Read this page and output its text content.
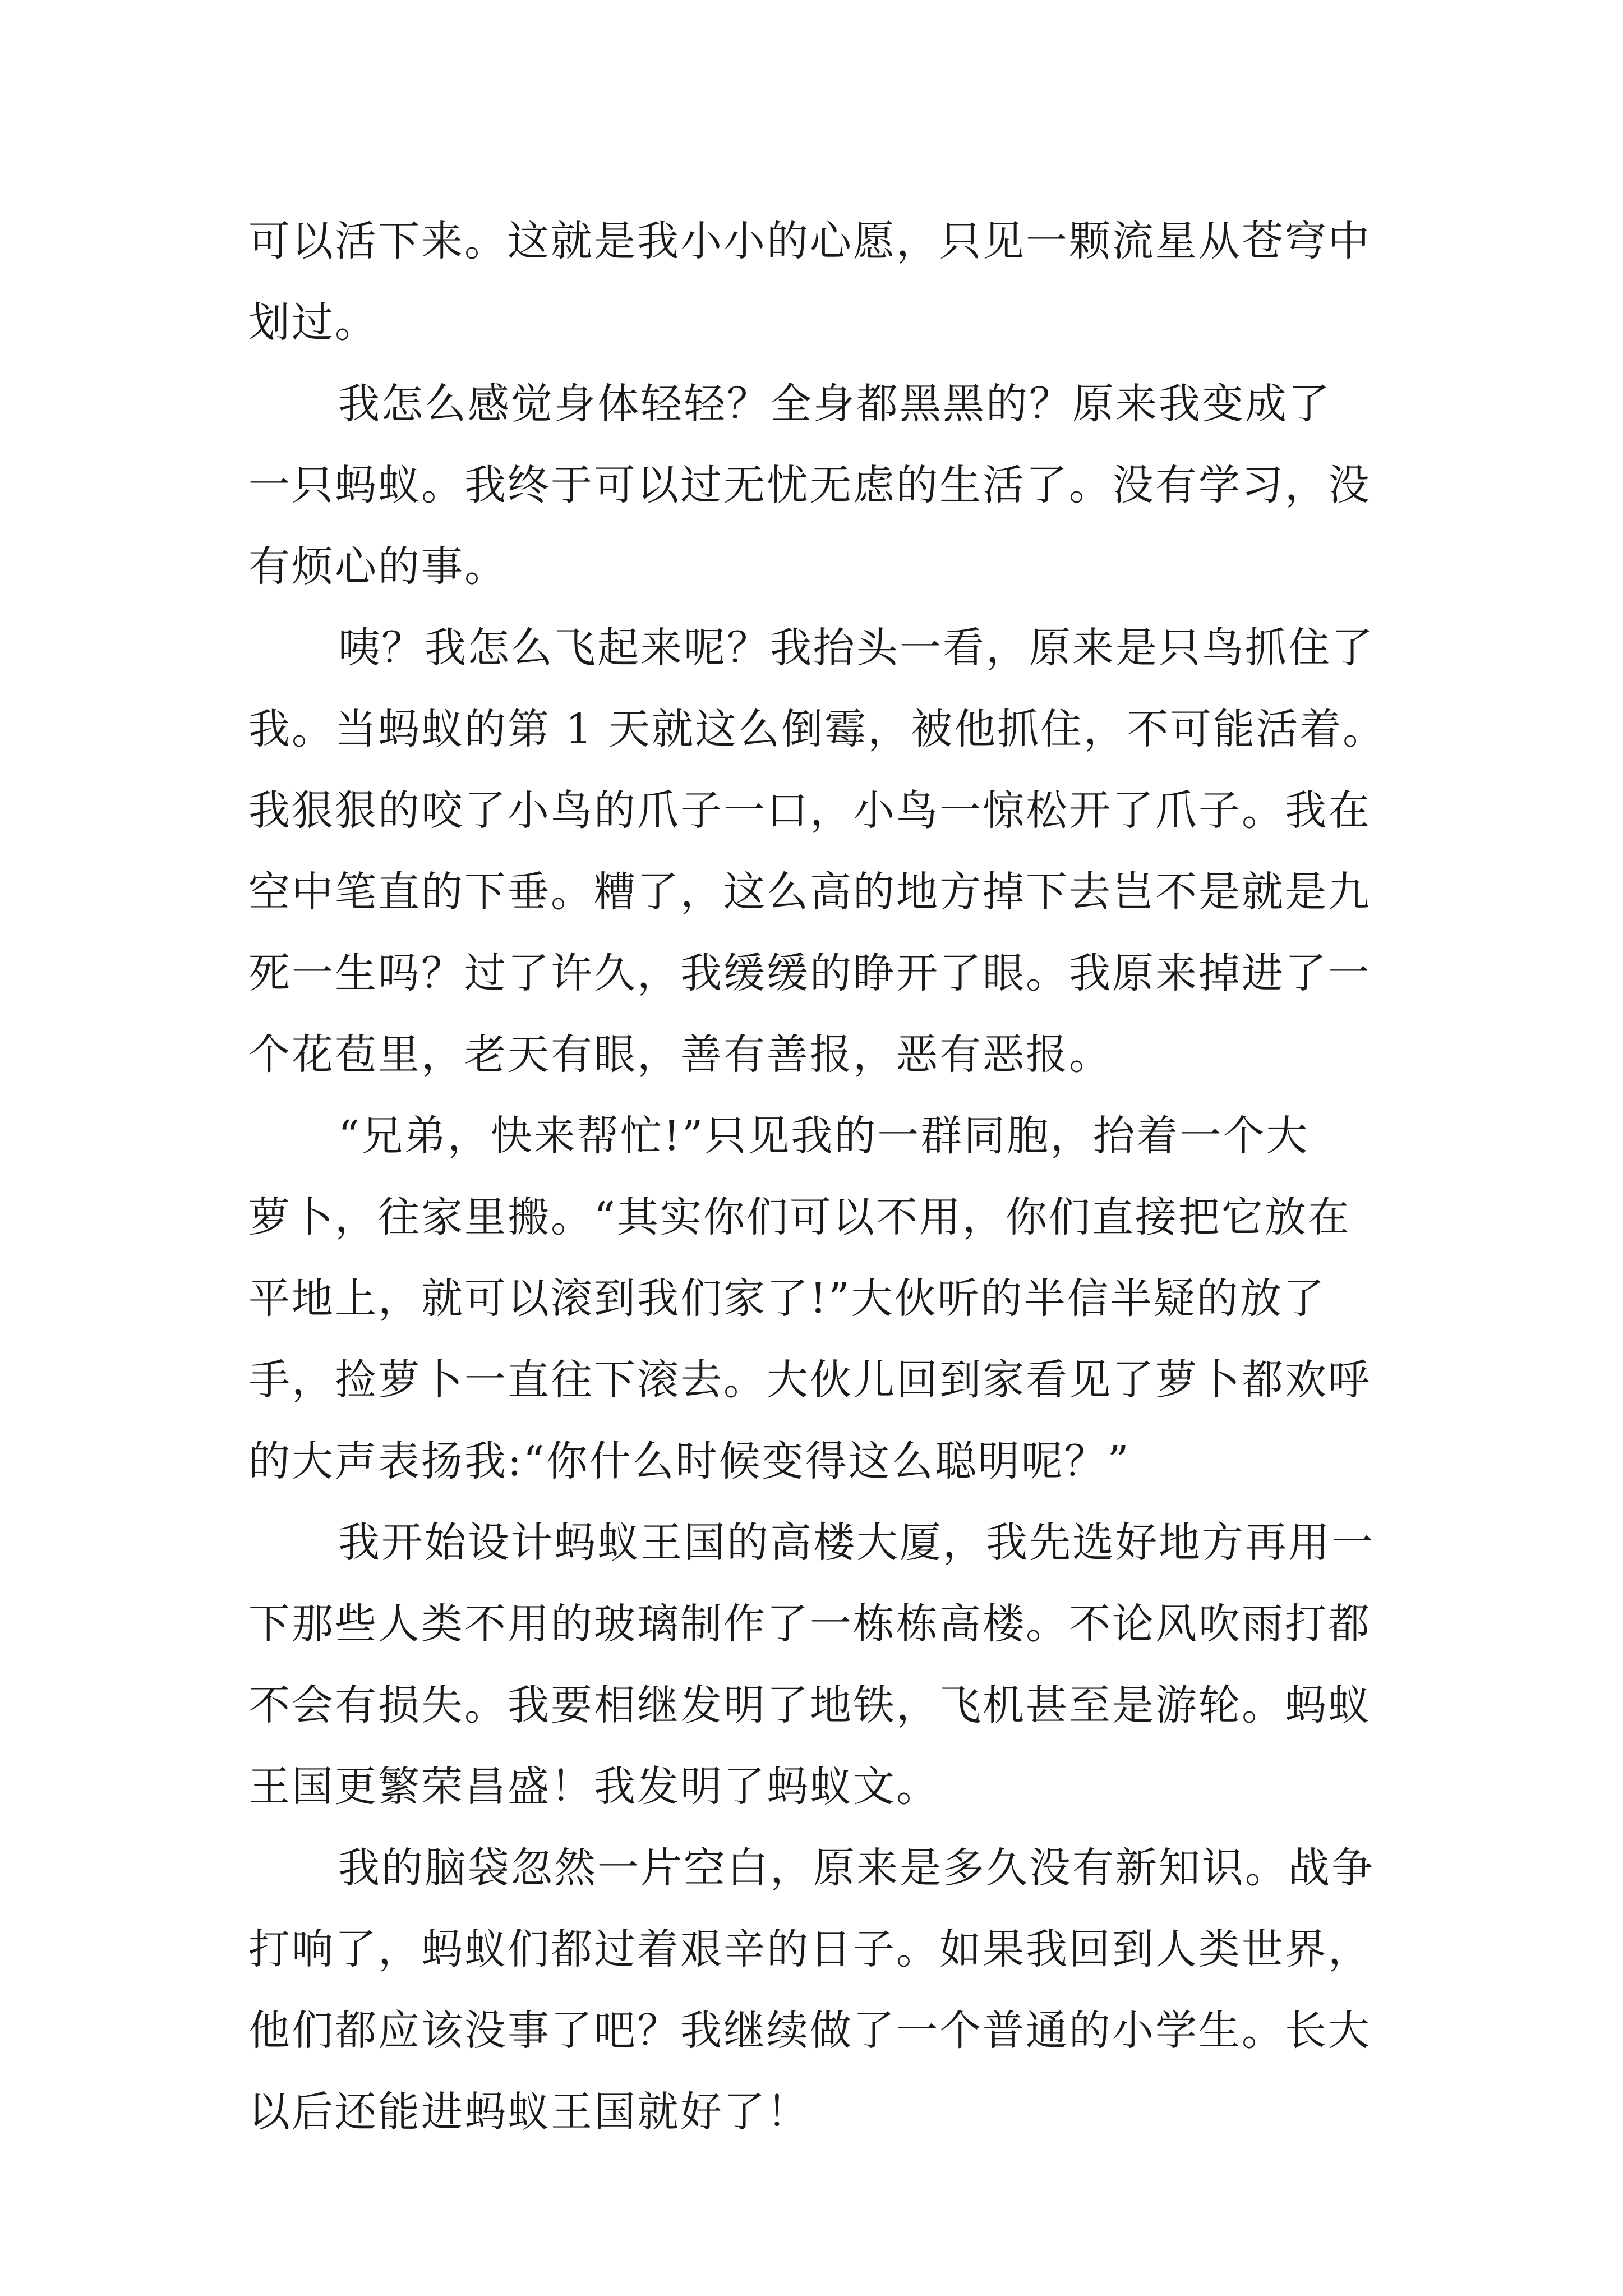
可以活下来。这就是我小小的心愿，只见一颗流星从苍穹中
划过。
我怎么感觉身体轻轻？全身都黑黑的？原来我变成了
一只蚂蚁。我终于可以过无忧无虑的生活了。没有学习，没
有烦心的事。
咦？我怎么飞起来呢？我抬头一看，原来是只鸟抓住了
我。当蚂蚁的第 1 天就这么倒霉，被他抓住，不可能活着。
我狠狠的咬了小鸟的爪子一口，小鸟一惊松开了爪子。我在
空中笔直的下垂。糟了，这么高的地方掉下去岂不是就是九
死一生吗？过了许久，我缓缓的睁开了眼。我原来掉进了一
个花苞里，老天有眼，善有善报，恶有恶报。
“兄弟，快来帮忙!”只见我的一群同胞，抬着一个大
萝卜，往家里搬。“其实你们可以不用，你们直接把它放在
平地上，就可以滚到我们家了!”大伙听的半信半疑的放了
手，捡萝卜一直往下滚去。大伙儿回到家看见了萝卜都欢呼
的大声表扬我:“你什么时候变得这么聪明呢？”
我开始设计蚂蚁王国的高楼大厦，我先选好地方再用一
下那些人类不用的玻璃制作了一栋栋高楼。不论风吹雨打都
不会有损失。我要相继发明了地铁，飞机甚至是游轮。蚂蚁
王国更繁荣昌盛！我发明了蚂蚁文。
我的脑袋忽然一片空白，原来是多久没有新知识。战争
打响了，蚂蚁们都过着艰辛的日子。如果我回到人类世界，
他们都应该没事了吧？我继续做了一个普通的小学生。长大
以后还能进蚂蚁王国就好了！
